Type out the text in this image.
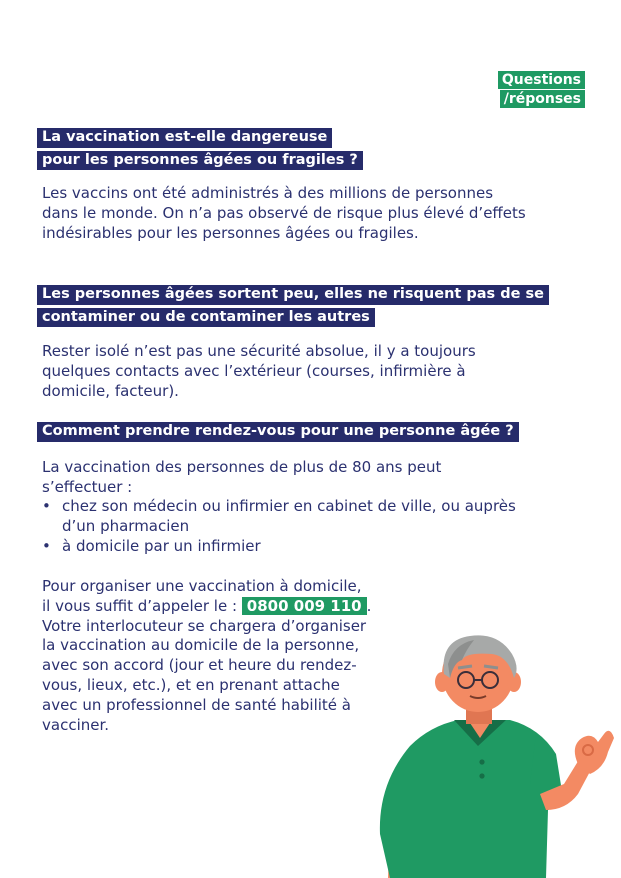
Questions
/réponses
La vaccination est-elle dangereuse
pour les personnes âgées ou fragiles ?
Les vaccins ont été administrés à des millions de personnes
dans le monde. On n’a pas observé de risque plus élevé d’effets
indésirables pour les personnes âgées ou fragiles.
Les personnes âgées sortent peu, elles ne risquent pas de se
contaminer ou de contaminer les autres
Rester isolé n’est pas une sécurité absolue, il y a toujours
quelques contacts avec l’extérieur (courses, infirmière à
domicile, facteur).
Comment prendre rendez-vous pour une personne âgée ?
La vaccination des personnes de plus de 80 ans peut
s’effectuer :
• chez son médecin ou infirmier en cabinet de ville, ou auprès
d’un pharmacien
• à domicile par un infirmier
Pour organiser une vaccination à domicile,
il vous suffit d’appeler le : 0800 009 110 .
Votre interlocuteur se chargera d’organiser
la vaccination au domicile de la personne,
avec son accord (jour et heure du rendez-
vous, lieux, etc.), et en prenant attache
avec un professionnel de santé habilité à
vacciner.
